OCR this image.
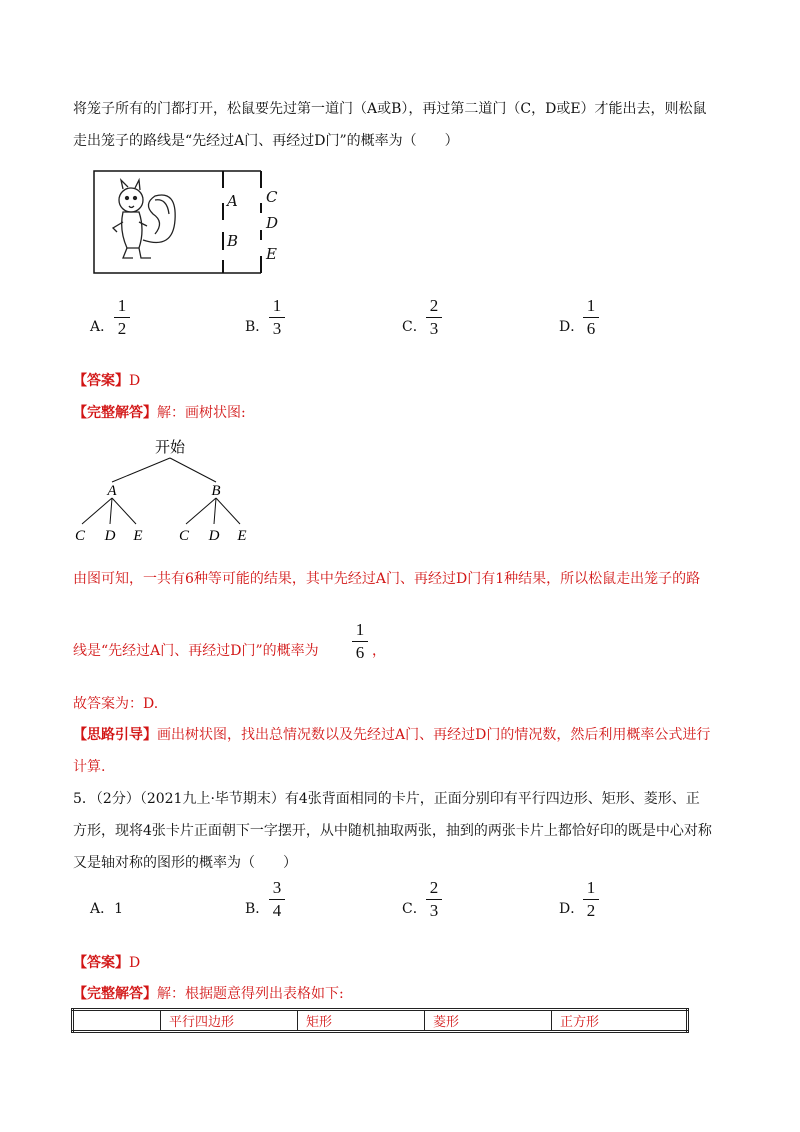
将笼子所有的门都打开，松鼠要先过第一道门（A或B），再过第二道门（C，D或E）才能出去，则松鼠
走出笼子的路线是“先经过A门、再经过D门”的概率为（　　）
A
B
C
D
E
A．
1
2	B．
1
3	C．
2
3	D．
1
6
【答案】D
【完整解答】解：画树状图:
开始
A	B
C D E C D E
由图可知，一共有6种等可能的结果，其中先经过A门、再经过D门有1种结果，所以松鼠走出笼子的路
线是“先经过A门、再经过D门”的概率为
1
6 ，
故答案为：D.
【思路引导】画出树状图，找出总情况数以及先经过A门、再经过D门的情况数，然后利用概率公式进行
计算.
5．（2分）（2021九上·毕节期末）有4张背面相同的卡片，正面分别印有平行四边形、矩形、菱形、正
方形，现将4张卡片正面朝下一字摆开，从中随机抽取两张，抽到的两张卡片上都恰好印的既是中心对称
又是轴对称的图形的概率为（　　）
A．1	B．
3
4	C．
2
3	D．
1
2
【答案】D
【完整解答】解：根据题意得列出表格如下:
	平行四边形	矩形	菱形	正方形
